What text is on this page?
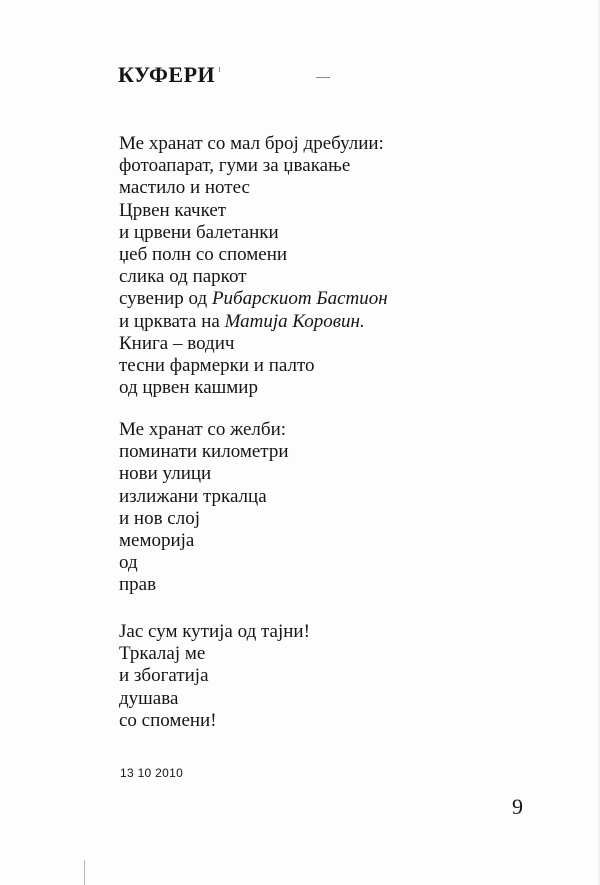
КУФЕРИ
Ме хранат со мал број дребулии:
фотоапарат, гуми за џвакање
мастило и нотес
Црвен качкет
и црвени балетанки
џеб полн со спомени
слика од паркот
сувенир од Рибарскиот Бастион
и црквата на Матија Коровин.
Книга – водич
тесни фармерки и палто
од црвен кашмир
Ме хранат со желби:
поминати километри
нови улици
излижани тркалца
и нов слој
меморија
од
прав
Јас сум кутија од тајни!
Тркалај ме
и збогатија
душава
со спомени!
13 10 2010
9
